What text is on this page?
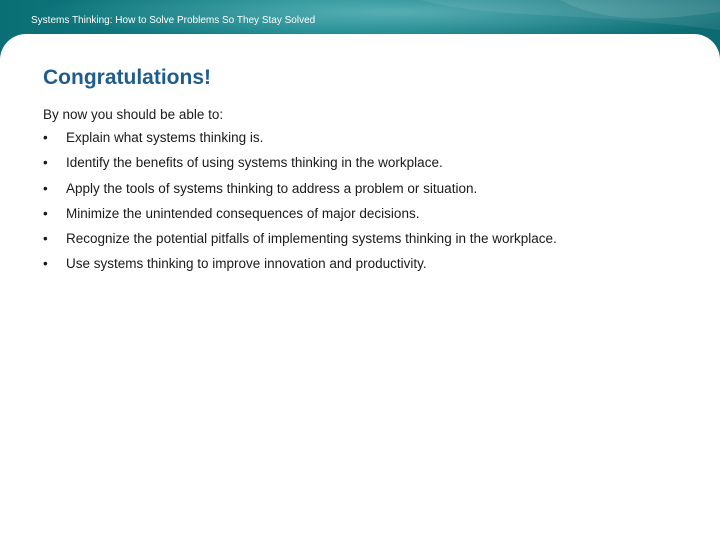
Systems Thinking: How to Solve Problems So They Stay Solved
Congratulations!

By now you should be able to:

• Explain what systems thinking is.
• Identify the benefits of using systems thinking in the workplace.
• Apply the tools of systems thinking to address a problem or situation.
• Minimize the unintended consequences of major decisions.
• Recognize the potential pitfalls of implementing systems thinking in the workplace.
• Use systems thinking to improve innovation and productivity.
